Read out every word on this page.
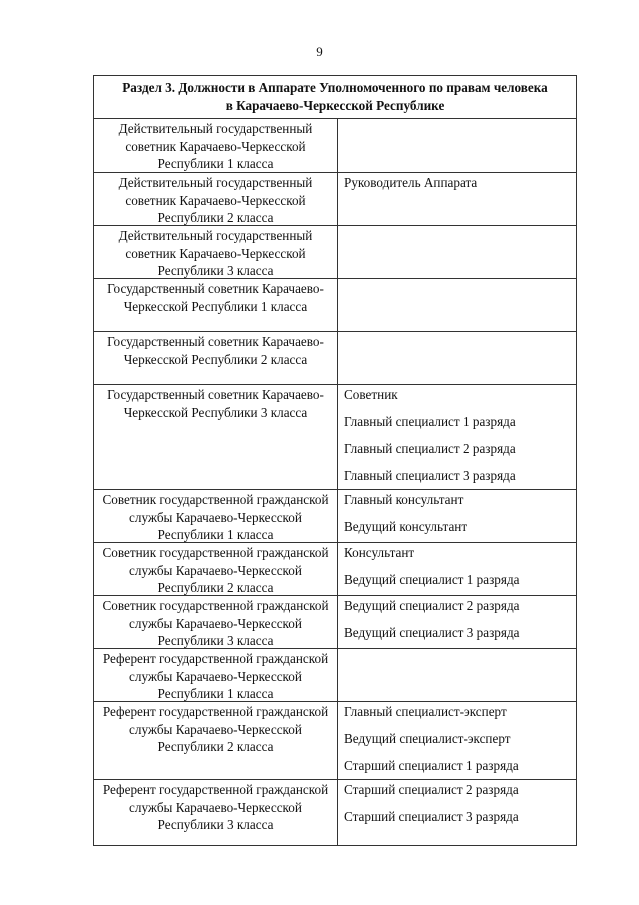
9
Раздел 3. Должности в Аппарате Уполномоченного по правам человека в Карачаево-Черкесской Республике
Действительный государственный советник Карачаево-Черкесской Республики 1 класса
Действительный государственный советник Карачаево-Черкесской Республики 2 класса
Руководитель Аппарата
Действительный государственный советник Карачаево-Черкесской Республики 3 класса
Государственный советник Карачаево-Черкесской Республики 1 класса
Государственный советник Карачаево-Черкесской Республики 2 класса
Государственный советник Карачаево-Черкесской Республики 3 класса
Советник
Главный специалист 1 разряда
Главный специалист 2 разряда
Главный специалист 3 разряда
Советник государственной гражданской службы Карачаево-Черкесской Республики 1 класса
Главный консультант
Ведущий консультант
Советник государственной гражданской службы Карачаево-Черкесской Республики 2 класса
Консультант
Ведущий специалист 1 разряда
Советник государственной гражданской службы Карачаево-Черкесской Республики 3 класса
Ведущий специалист 2 разряда
Ведущий специалист 3 разряда
Референт государственной гражданской службы Карачаево-Черкесской Республики 1 класса
Референт государственной гражданской службы Карачаево-Черкесской Республики 2 класса
Главный специалист-эксперт
Ведущий специалист-эксперт
Старший специалист 1 разряда
Референт государственной гражданской службы Карачаево-Черкесской Республики 3 класса
Старший специалист 2 разряда
Старший специалист 3 разряда
